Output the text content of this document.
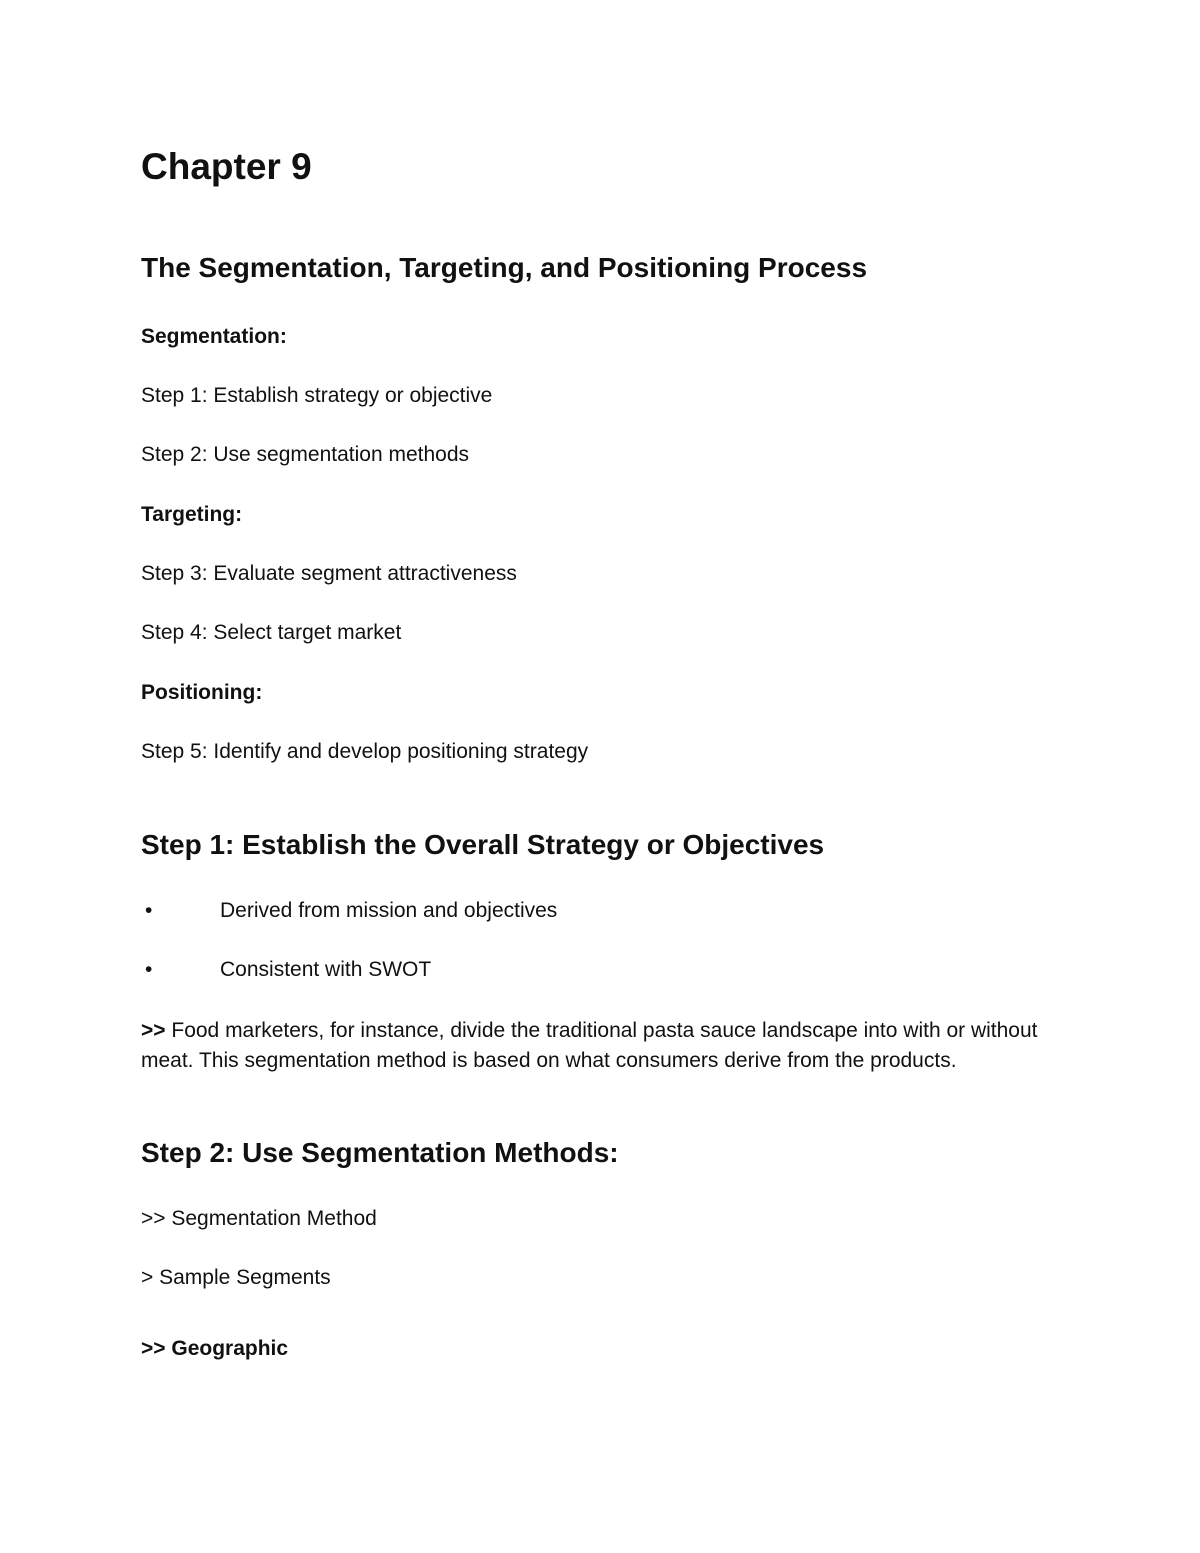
Chapter 9
The Segmentation, Targeting, and Positioning Process
Segmentation:
Step 1: Establish strategy or objective
Step 2: Use segmentation methods
Targeting:
Step 3: Evaluate segment attractiveness
Step 4: Select target market
Positioning:
Step 5: Identify and develop positioning strategy
Step 1: Establish the Overall Strategy or Objectives
•	Derived from mission and objectives
•	Consistent with SWOT

>> Food marketers, for instance, divide the traditional pasta sauce landscape into with or without meat. This segmentation method is based on what consumers derive from the products.

Step 2: Use Segmentation Methods:
>> Segmentation Method
> Sample Segments
>> Geographic
